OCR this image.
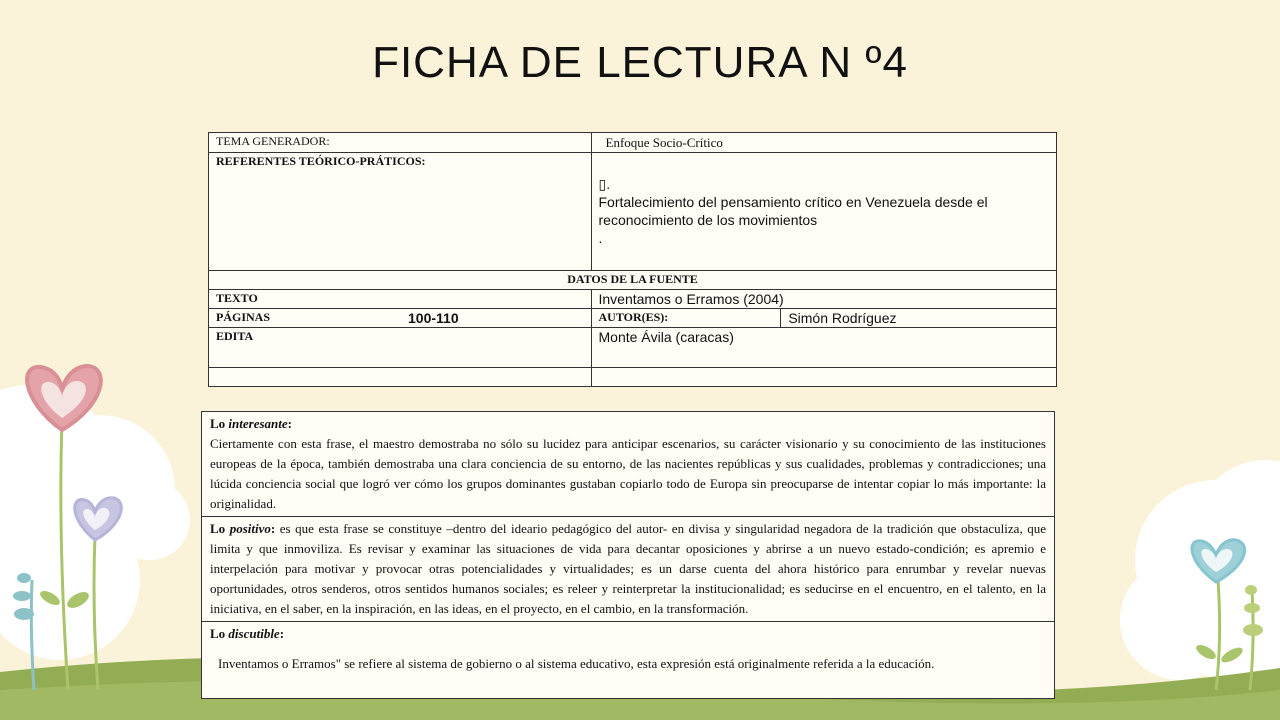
FICHA DE LECTURA N º4
TEMA GENERADOR:	Enfoque Socio-Crítico	
REFERENTES TEÓRICO-PRÁTICOS:	▯.
Fortalecimiento del pensamiento crítico en Venezuela desde el reconocimiento de los movimientos
.	

DATOS DE LA FUENTE		
TEXTO	Inventamos o Erramos (2004)	
PÁGINAS 100-110	AUTOR(ES):	Simón Rodríguez
EDITA	Monte Ávila (caracas)	

Lo interesante:
Ciertamente con esta frase, el maestro demostraba no sólo su lucidez para anticipar escenarios, su carácter visionario y su conocimiento de las instituciones europeas de la época, también demostraba una clara conciencia de su entorno, de las nacientes repúblicas y sus cualidades, problemas y contradicciones; una lúcida conciencia social que logró ver cómo los grupos dominantes gustaban copiarlo todo de Europa sin preocuparse de intentar copiar lo más importante: la originalidad.

Lo positivo: es que esta frase se constituye –dentro del ideario pedagógico del autor- en divisa y singularidad negadora de la tradición que obstaculiza, que limita y que inmoviliza. Es revisar y examinar las situaciones de vida para decantar oposiciones y abrirse a un nuevo estado-condición; es apremio e interpelación para motivar y provocar otras potencialidades y virtualidades; es un darse cuenta del ahora histórico para enrumbar y revelar nuevas oportunidades, otros senderos, otros sentidos humanos sociales; es releer y reinterpretar la institucionalidad; es seducirse en el encuentro, en el talento, en la iniciativa, en el saber, en la inspiración, en las ideas, en el proyecto, en el cambio, en la transformación.

Lo discutible:
Inventamos o Erramos" se refiere al sistema de gobierno o al sistema educativo, esta expresión está originalmente referida a la educación.
